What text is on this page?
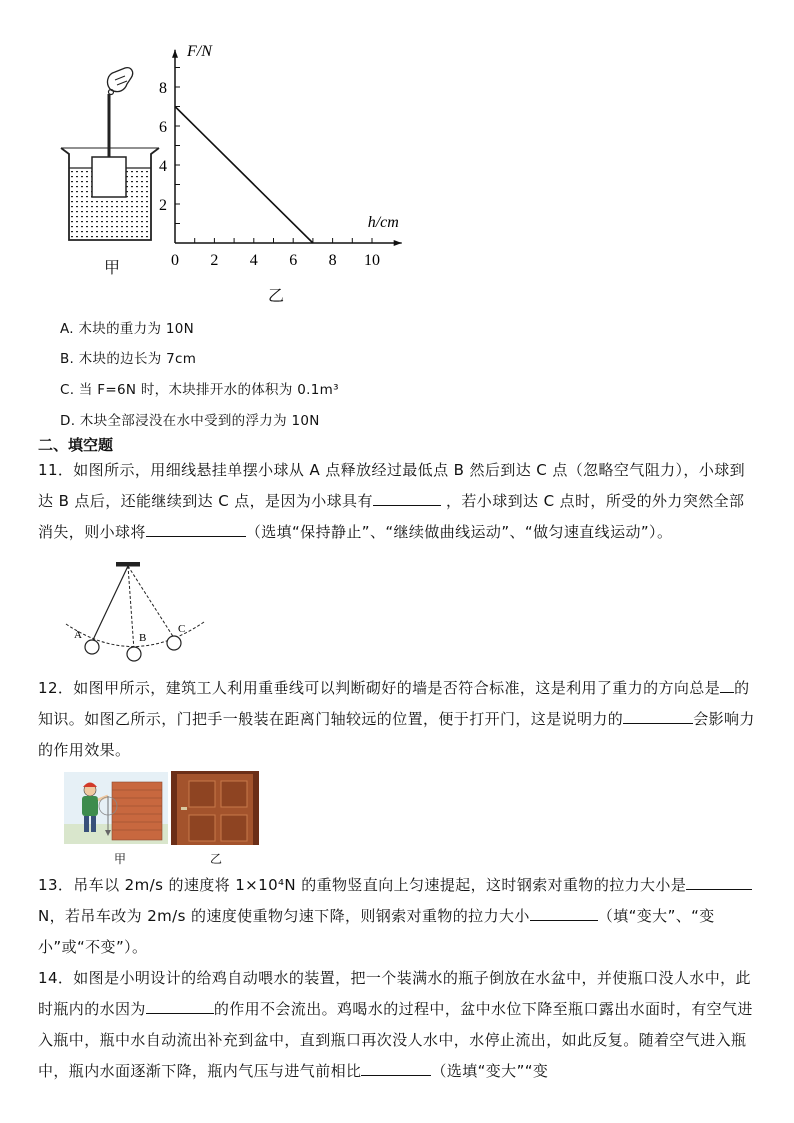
甲	0 2 4 6 8 10
2
4
6
8
F/N
h/cm
乙
A. 木块的重力为 10N
B. 木块的边长为 7cm
C. 当 F=6N 时，木块排开水的体积为 0.1m³
D. 木块全部浸没在水中受到的浮力为 10N
二、填空题
11．如图所示，用细线悬挂单摆小球从 A 点释放经过最低点 B 然后到达 C 点（忽略空气阻力），小球到达 B 点后，还能继续到达 C 点，是因为小球具有	，若小球到达 C 点时，所受的外力突然全部消失，则小球将	（选填“保持静止”、“继续做曲线运动”、“做匀速直线运动”）。
A	B
C
12．如图甲所示，建筑工人利用重垂线可以判断砌好的墙是否符合标准，这是利用了重力的方向总是 的知识。如图乙所示，门把手一般装在距离门轴较远的位置，便于打开门，这是说明力的	会影响力的作用效果。
甲	乙
13．吊车以 2m/s 的速度将 1×10⁴N 的重物竖直向上匀速提起，这时钢索对重物的拉力大小是N，若吊车改为 2m/s 的速度使重物匀速下降，则钢索对重物的拉力大小	（填“变大”、“变小”或“不变”）。
14．如图是小明设计的给鸡自动喂水的装置，把一个装满水的瓶子倒放在水盆中，并使瓶口没人水中，此时瓶内的水因为	的作用不会流出。鸡喝水的过程中，盆中水位下降至瓶口露出水面时，有空气进入瓶中，瓶中水自动流出补充到盆中，直到瓶口再次没人水中，水停止流出，如此反复。随着空气进入瓶中，瓶内水面逐渐下降，瓶内气压与进气前相比	（选填“变大”“变
